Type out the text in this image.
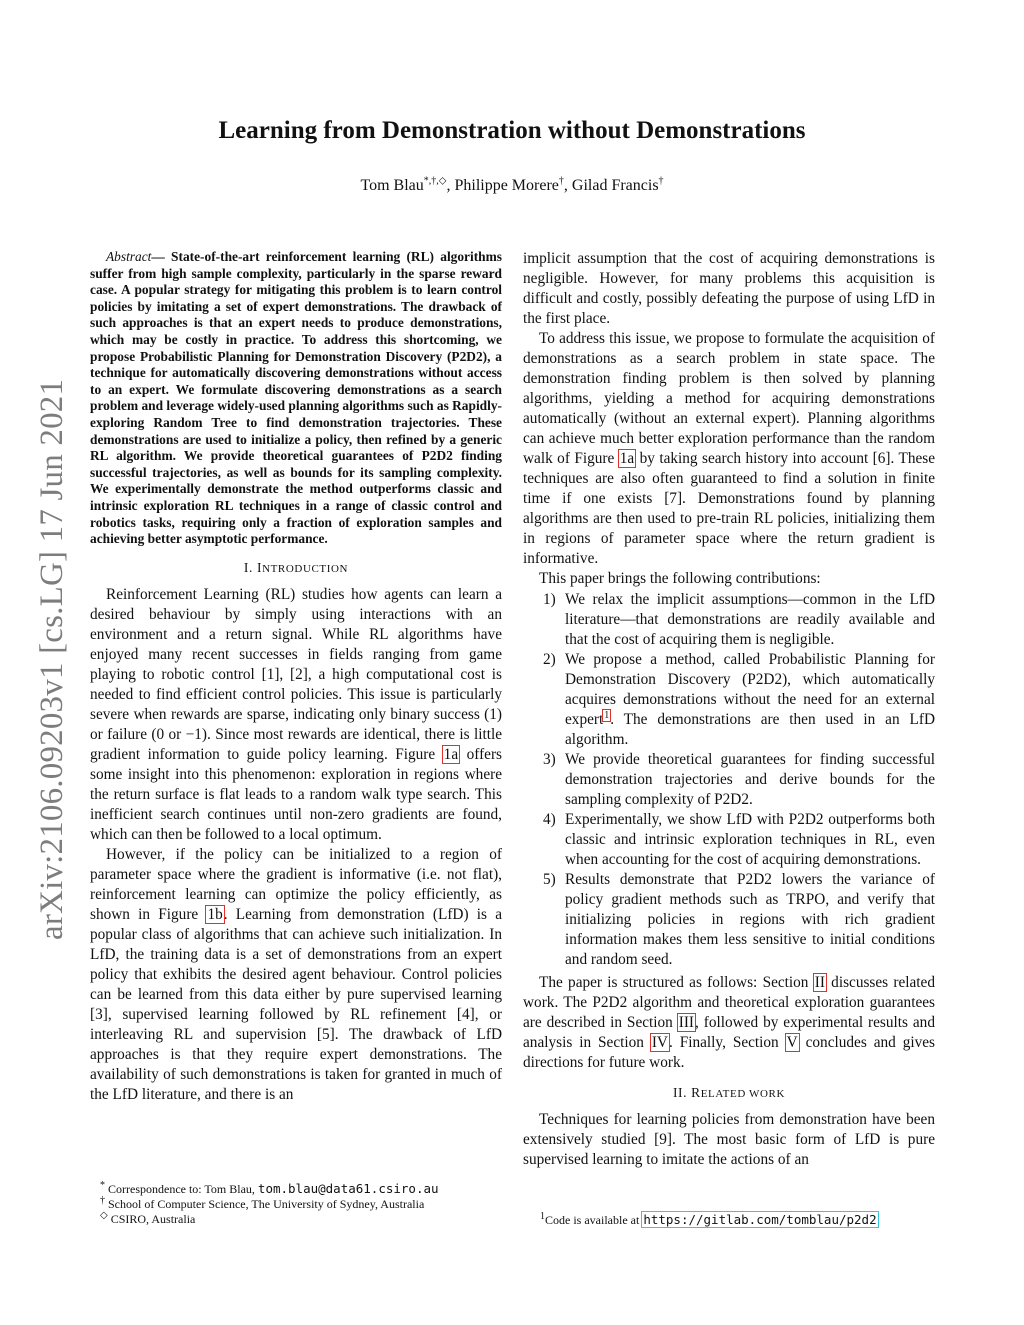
arXiv:2106.09203v1 [cs.LG] 17 Jun 2021
Learning from Demonstration without Demonstrations
Tom Blau*,†,◇, Philippe Morere†, Gilad Francis†

Abstract— State-of-the-art reinforcement learning (RL) algorithms suffer from high sample complexity, particularly in the sparse reward case. A popular strategy for mitigating this problem is to learn control policies by imitating a set of expert demonstrations. The drawback of such approaches is that an expert needs to produce demonstrations, which may be costly in practice. To address this shortcoming, we propose Probabilistic Planning for Demonstration Discovery (P2D2), a technique for automatically discovering demonstrations without access to an expert. We formulate discovering demonstrations as a search problem and leverage widely-used planning algorithms such as Rapidly-exploring Random Tree to find demonstration trajectories. These demonstrations are used to initialize a policy, then refined by a generic RL algorithm. We provide theoretical guarantees of P2D2 finding successful trajectories, as well as bounds for its sampling complexity. We experimentally demonstrate the method outperforms classic and intrinsic exploration RL techniques in a range of classic control and robotics tasks, requiring only a fraction of exploration samples and achieving better asymptotic performance.

I. INTRODUCTION

Reinforcement Learning (RL) studies how agents can learn a desired behaviour by simply using interactions with an environment and a return signal. While RL algorithms have enjoyed many recent successes in fields ranging from game playing to robotic control [1], [2], a high computational cost is needed to find efficient control policies. This issue is particularly severe when rewards are sparse, indicating only binary success (1) or failure (0 or −1). Since most rewards are identical, there is little gradient information to guide policy learning. Figure 1a offers some insight into this phenomenon: exploration in regions where the return surface is flat leads to a random walk type search. This inefficient search continues until non-zero gradients are found, which can then be followed to a local optimum.

However, if the policy can be initialized to a region of parameter space where the gradient is informative (i.e. not flat), reinforcement learning can optimize the policy efficiently, as shown in Figure 1b. Learning from demonstration (LfD) is a popular class of algorithms that can achieve such initialization. In LfD, the training data is a set of demonstrations from an expert policy that exhibits the desired agent behaviour. Control policies can be learned from this data either by pure supervised learning [3], supervised learning followed by RL refinement [4], or interleaving RL and supervision [5]. The drawback of LfD approaches is that they require expert demonstrations. The availability of such demonstrations is taken for granted in much of the LfD literature, and there is an

* Correspondence to: Tom Blau, tom.blau@data61.csiro.au

† School of Computer Science, The University of Sydney, Australia

◇ CSIRO, Australia

implicit assumption that the cost of acquiring demonstrations is negligible. However, for many problems this acquisition is difficult and costly, possibly defeating the purpose of using LfD in the first place.

To address this issue, we propose to formulate the acquisition of demonstrations as a search problem in state space. The demonstration finding problem is then solved by planning algorithms, yielding a method for acquiring demonstrations automatically (without an external expert). Planning algorithms can achieve much better exploration performance than the random walk of Figure 1a by taking search history into account [6]. These techniques are also often guaranteed to find a solution in finite time if one exists [7]. Demonstrations found by planning algorithms are then used to pre-train RL policies, initializing them in regions of parameter space where the return gradient is informative.

This paper brings the following contributions:

1) We relax the implicit assumptions—common in the LfD literature—that demonstrations are readily available and that the cost of acquiring them is negligible.
2) We propose a method, called Probabilistic Planning for Demonstration Discovery (P2D2), which automatically acquires demonstrations without the need for an external expert$^1$. The demonstrations are then used in an LfD algorithm.
3) We provide theoretical guarantees for finding successful demonstration trajectories and derive bounds for the sampling complexity of P2D2.
4) Experimentally, we show LfD with P2D2 outperforms both classic and intrinsic exploration techniques in RL, even when accounting for the cost of acquiring demonstrations.
5) Results demonstrate that P2D2 lowers the variance of policy gradient methods such as TRPO, and verify that initializing policies in regions with rich gradient information makes them less sensitive to initial conditions and random seed.

The paper is structured as follows: Section II discusses related work. The P2D2 algorithm and theoretical exploration guarantees are described in Section III, followed by experimental results and analysis in Section IV. Finally, Section V concludes and gives directions for future work.

II. RELATED WORK

Techniques for learning policies from demonstration have been extensively studied [9]. The most basic form of LfD is pure supervised learning to imitate the actions of an

$^1$Code is available at https://gitlab.com/tomblau/p2d2
